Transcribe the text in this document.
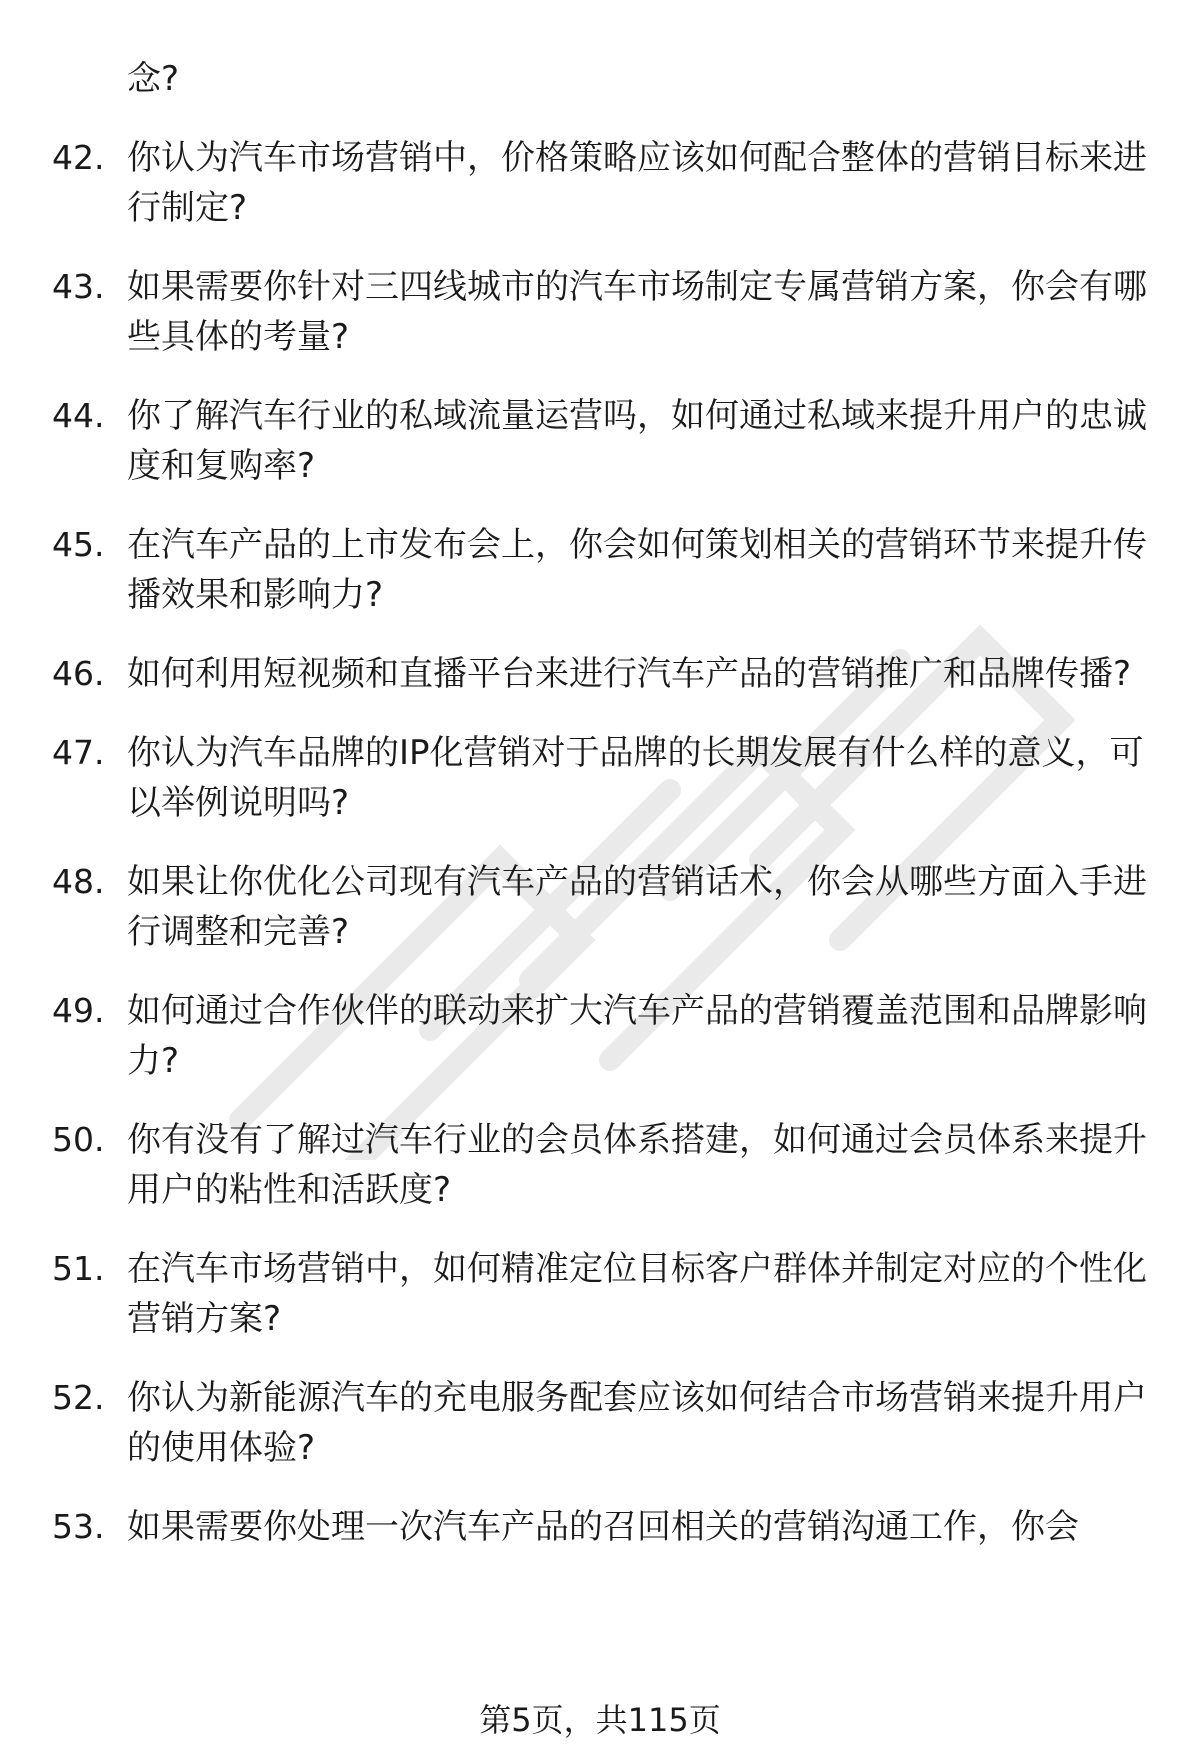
念?
42. 你认为汽车市场营销中，价格策略应该如何配合整体的营销目标来进行制定?
43. 如果需要你针对三四线城市的汽车市场制定专属营销方案，你会有哪些具体的考量?
44. 你了解汽车行业的私域流量运营吗，如何通过私域来提升用户的忠诚度和复购率?
45. 在汽车产品的上市发布会上，你会如何策划相关的营销环节来提升传播效果和影响力?
46. 如何利用短视频和直播平台来进行汽车产品的营销推广和品牌传播?
47. 你认为汽车品牌的IP化营销对于品牌的长期发展有什么样的意义，可以举例说明吗?
48. 如果让你优化公司现有汽车产品的营销话术，你会从哪些方面入手进行调整和完善?
49. 如何通过合作伙伴的联动来扩大汽车产品的营销覆盖范围和品牌影响力?
50. 你有没有了解过汽车行业的会员体系搭建，如何通过会员体系来提升用户的粘性和活跃度?
51. 在汽车市场营销中，如何精准定位目标客户群体并制定对应的个性化营销方案?
52. 你认为新能源汽车的充电服务配套应该如何结合市场营销来提升用户的使用体验?
53. 如果需要你处理一次汽车产品的召回相关的营销沟通工作，你会
第5页，共115页
